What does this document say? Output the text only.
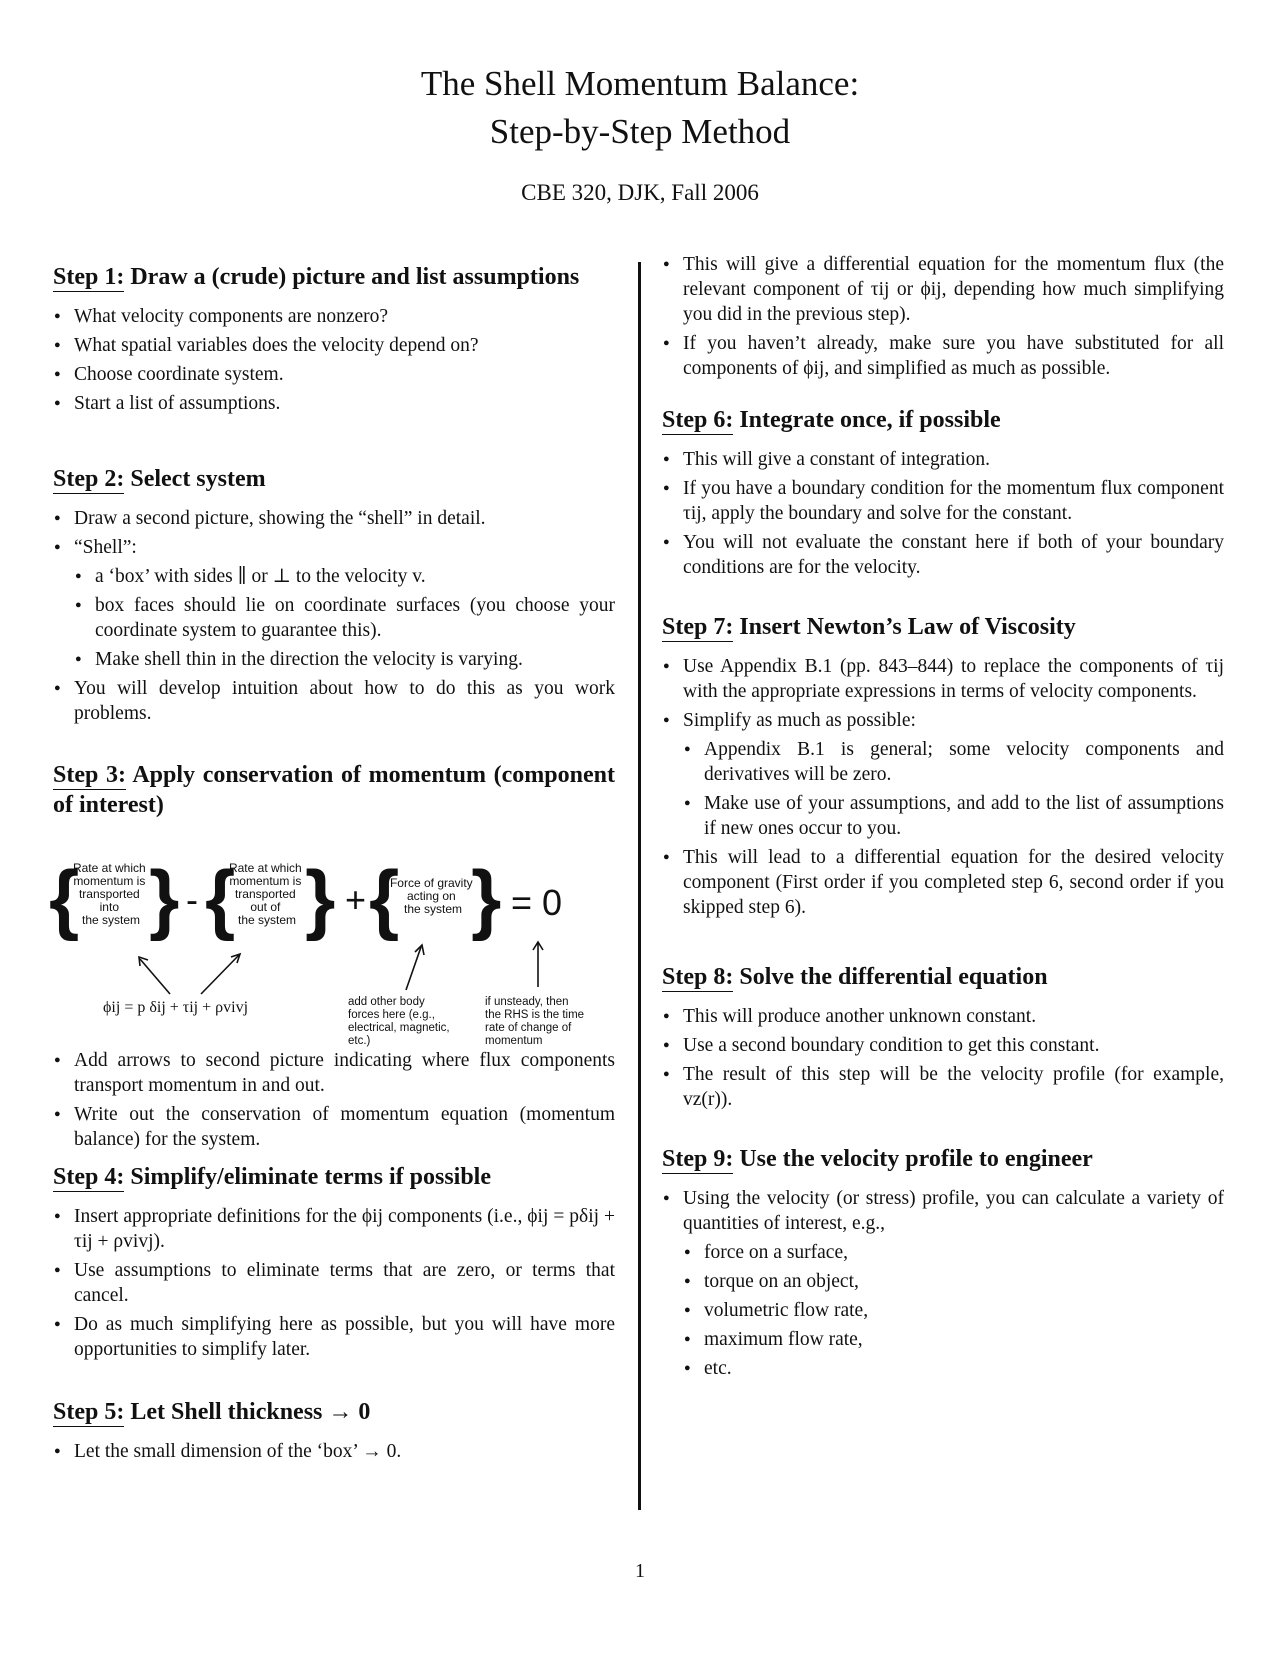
The Shell Momentum Balance:
Step-by-Step Method
CBE 320, DJK, Fall 2006
Step 1: Draw a (crude) picture and list assumptions
● What velocity components are nonzero?
● What spatial variables does the velocity depend on?
● Choose coordinate system.
● Start a list of assumptions.
Step 2: Select system
● Draw a second picture, showing the “shell” in detail.
● “Shell”:
● a ‘box’ with sides ∥ or ⊥ to the velocity v.
● box faces should lie on coordinate surfaces (you choose your coordinate system to guarantee this).
● Make shell thin in the direction the velocity is varying.
● You will develop intuition about how to do this as you work problems.
Step 3: Apply conservation of momentum (component of interest)
{
Rate at which momentum is transported into the system } - {
Rate at which momentum is transported out of the system } + {
Force of gravity acting on the system } = 0
ϕij = p δij + τij + ρvivj	add other body forces here (e.g., electrical, magnetic, etc.)
if unsteady, then the RHS is the time rate of change of momentum
● Add arrows to second picture indicating where flux components transport momentum in and out.
● Write out the conservation of momentum equation (momentum balance) for the system.
Step 4: Simplify/eliminate terms if possible
● Insert appropriate definitions for the ϕij components (i.e., ϕij = pδij + τij + ρvivj).
● Use assumptions to eliminate terms that are zero, or terms that cancel.
● Do as much simplifying here as possible, but you will have more opportunities to simplify later.
Step 5: Let Shell thickness → 0
● Let the small dimension of the ‘box’ → 0.
● This will give a differential equation for the momentum flux (the relevant component of τij or ϕij, depending how much simplifying you did in the previous step).
● If you haven’t already, make sure you have substituted for all components of ϕij, and simplified as much as possible.
Step 6: Integrate once, if possible
● This will give a constant of integration.
● If you have a boundary condition for the momentum flux component τij, apply the boundary and solve for the constant.
● You will not evaluate the constant here if both of your boundary conditions are for the velocity.
Step 7: Insert Newton’s Law of Viscosity
● Use Appendix B.1 (pp. 843–844) to replace the components of τij with the appropriate expressions in terms of velocity components.
● Simplify as much as possible:
● Appendix B.1 is general; some velocity components and derivatives will be zero.
● Make use of your assumptions, and add to the list of assumptions if new ones occur to you.
● This will lead to a differential equation for the desired velocity component (First order if you completed step 6, second order if you skipped step 6).
Step 8: Solve the differential equation
● This will produce another unknown constant.
● Use a second boundary condition to get this constant.
● The result of this step will be the velocity profile (for example, vz(r)).
Step 9: Use the velocity profile to engineer
● Using the velocity (or stress) profile, you can calculate a variety of quantities of interest, e.g.,
● force on a surface,
● torque on an object,
● volumetric flow rate,
● maximum flow rate,
● etc.
1
